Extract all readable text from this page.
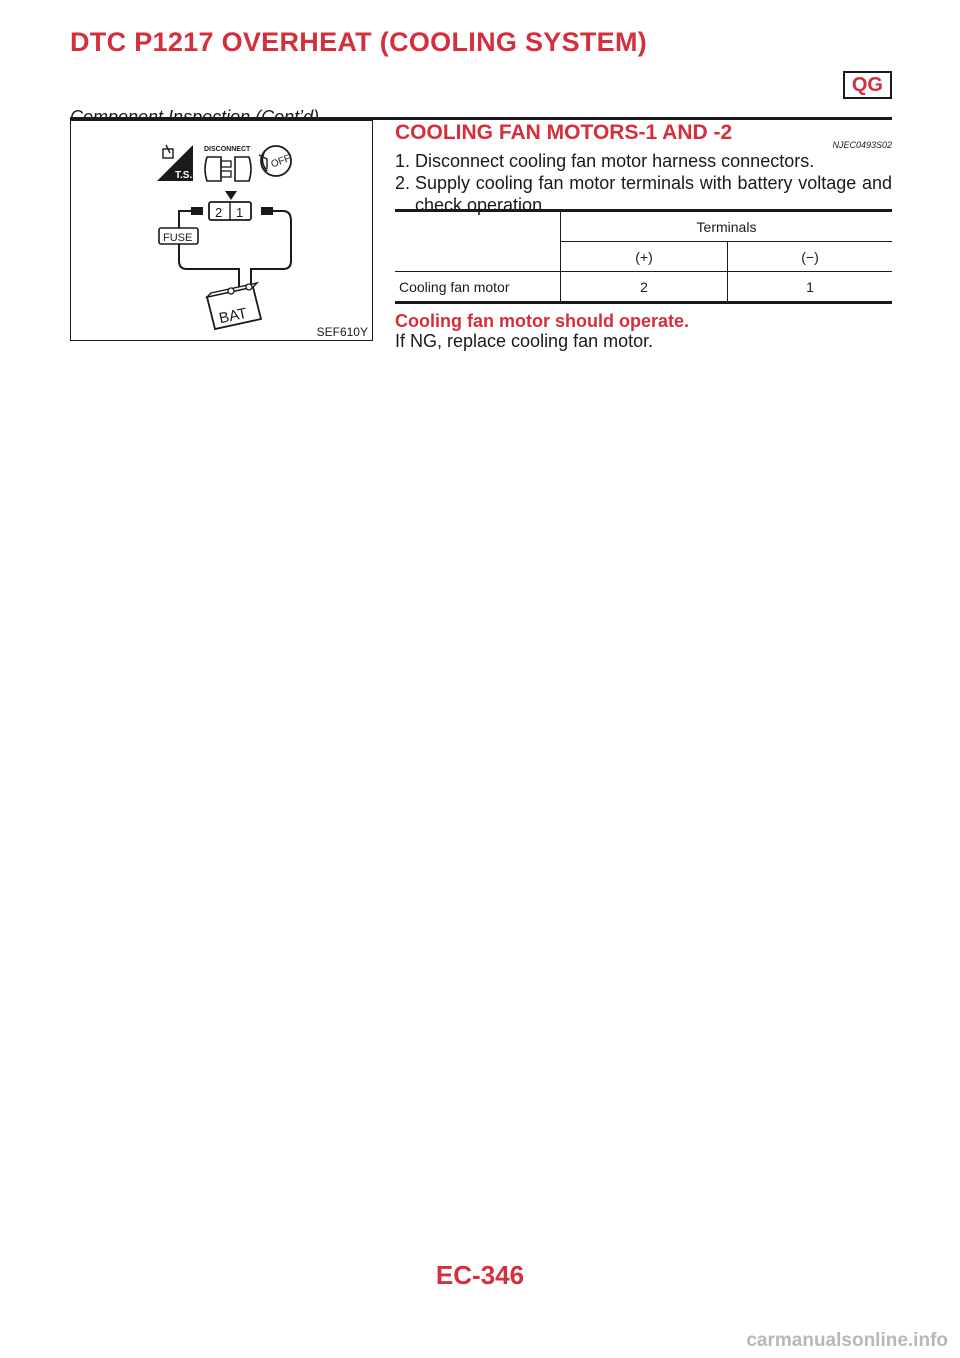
DTC P1217 OVERHEAT (COOLING SYSTEM)
QG
T.S.
DISCONNECT
OFF
2 1
FUSE
BAT
SEF610Y
COOLING FAN MOTORS-1 AND -2
NJEC0493S02
1. Disconnect cooling fan motor harness connectors.
2. Supply cooling fan motor terminals with battery voltage and check operation.
	Terminals	
	(+)	(−)
Cooling fan motor	2	1
Cooling fan motor should operate.
If NG, replace cooling fan motor.
EC-346
carmanualsonline.info
